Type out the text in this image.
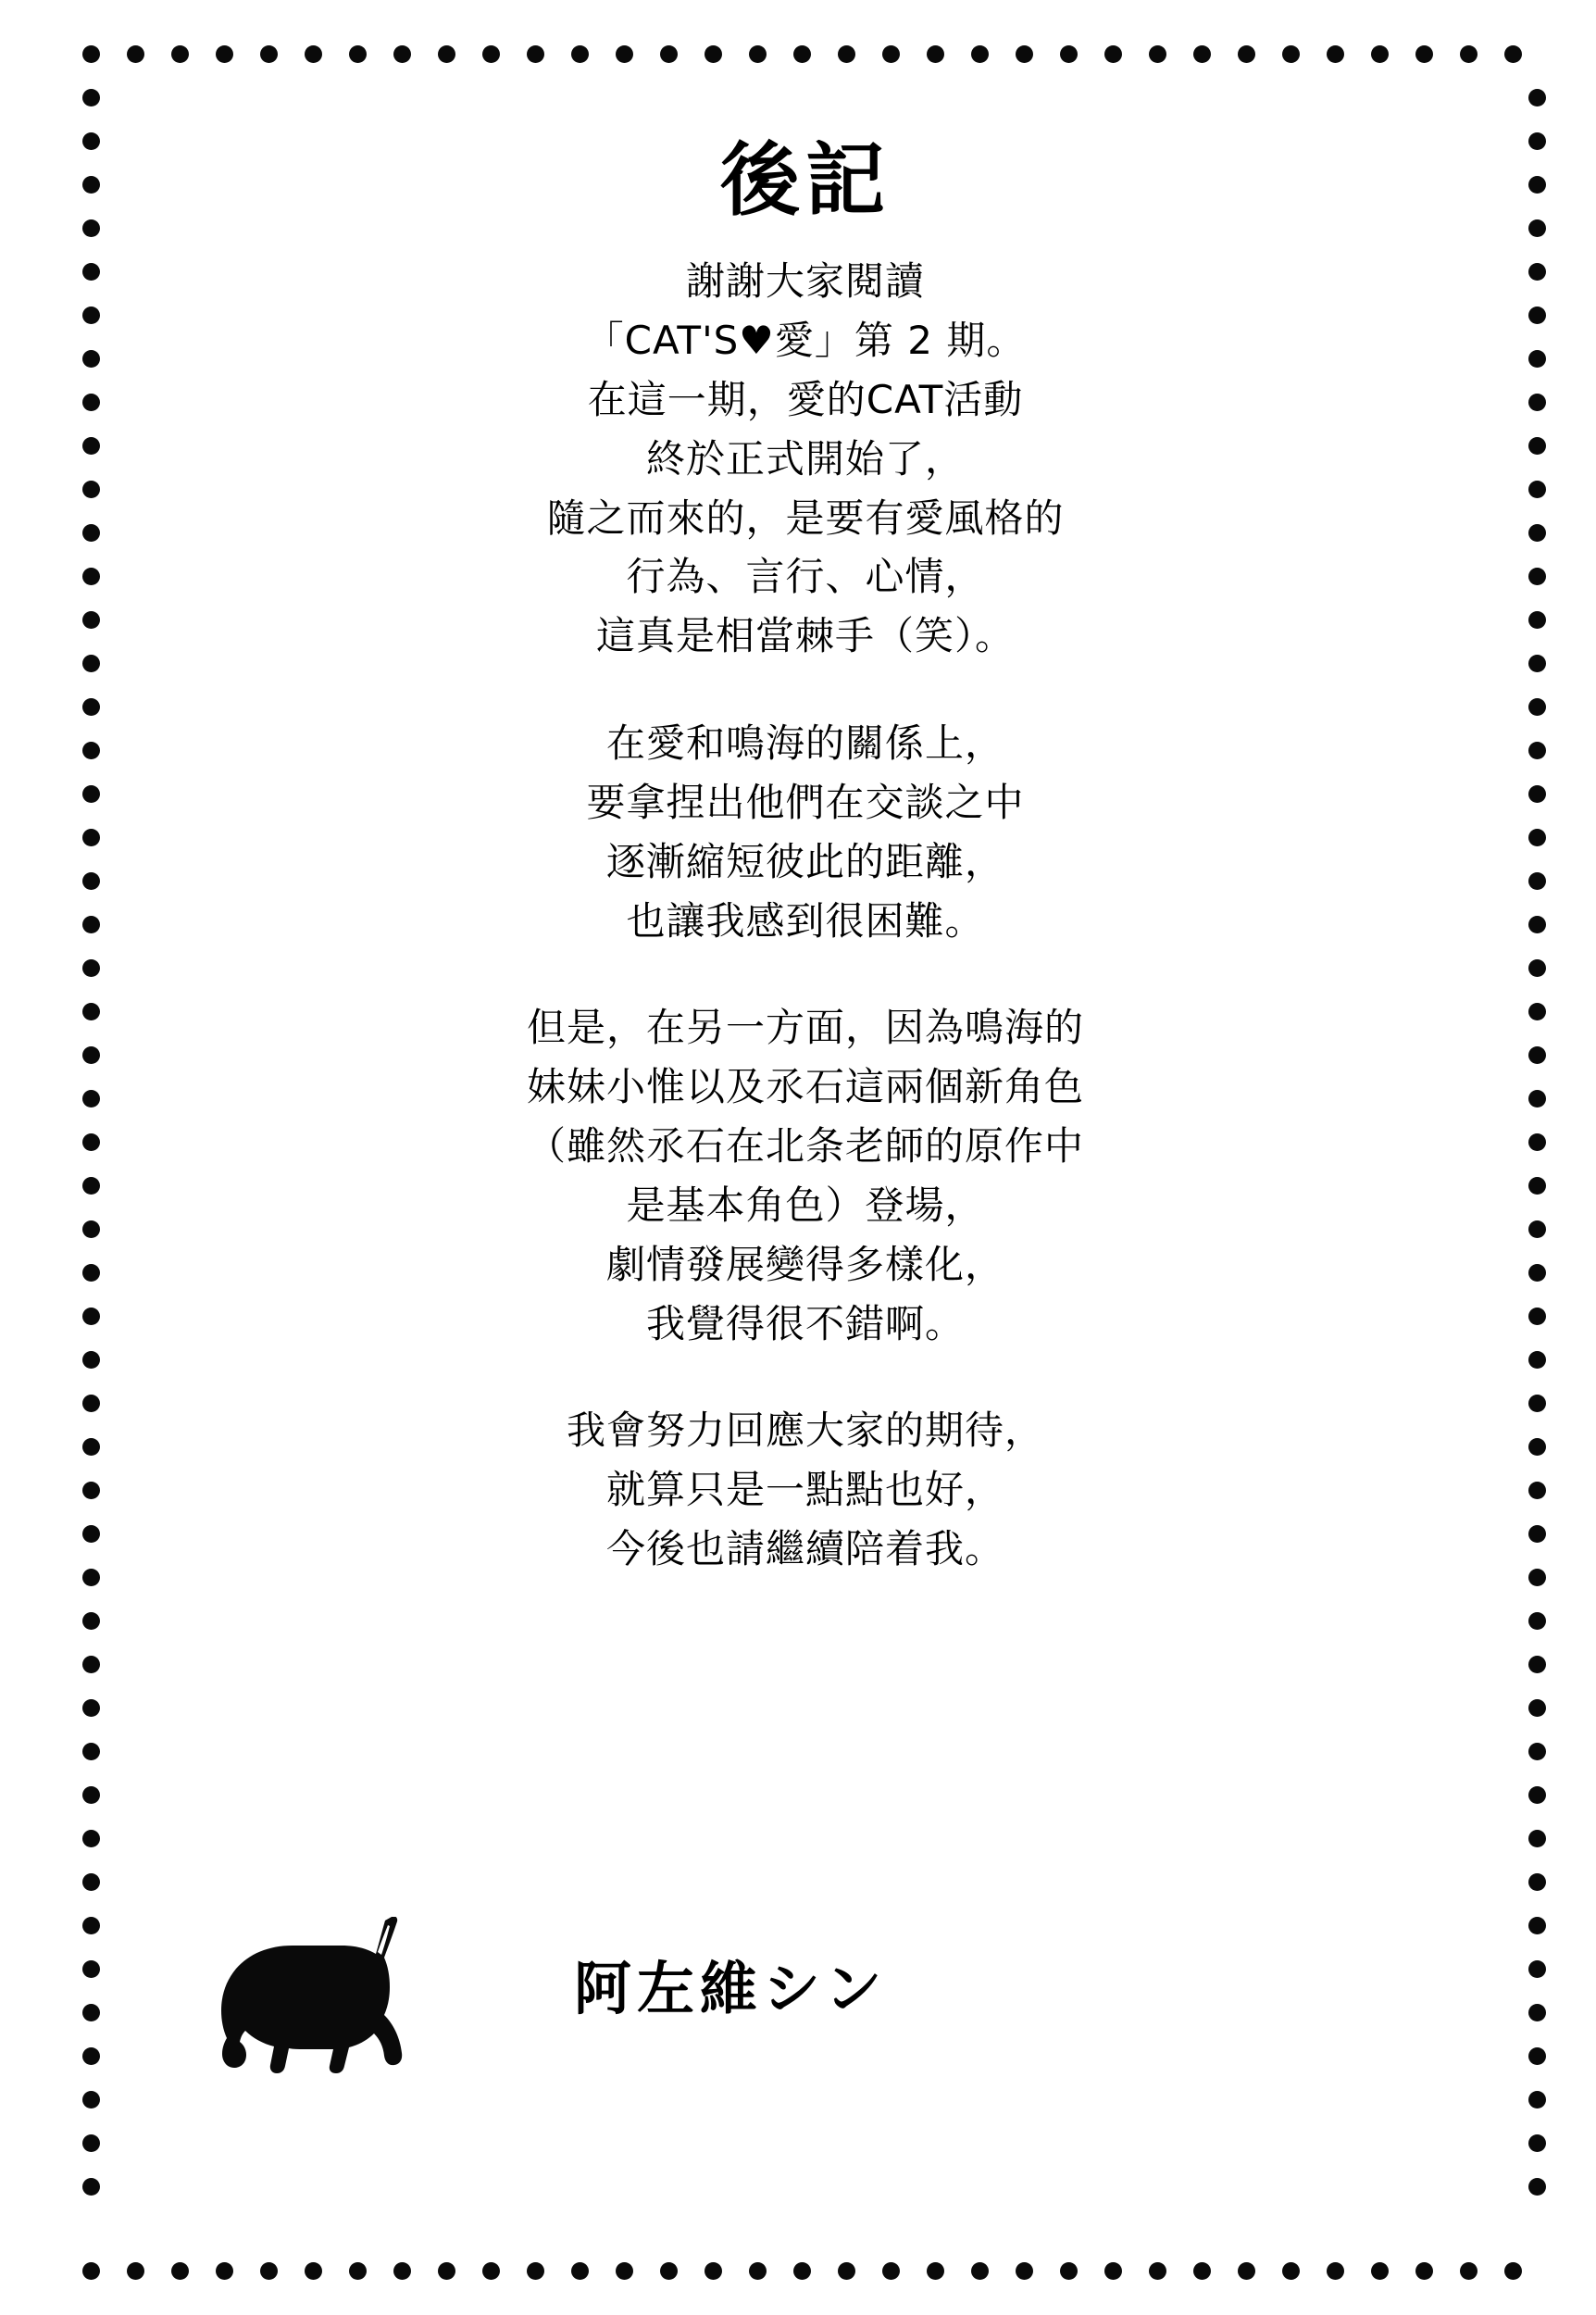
後記

謝謝大家閱讀
「CAT'S♥愛」第 2 期。
在這一期，愛的CAT活動
終於正式開始了，
隨之而來的，是要有愛風格的
行為、言行、心情，
這真是相當棘手（笑）。

在愛和鳴海的關係上，
要拿捏出他們在交談之中
逐漸縮短彼此的距離，
也讓我感到很困難。

但是，在另一方面，因為鳴海的
妹妹小惟以及氶石這兩個新角色
（雖然氶石在北条老師的原作中
是基本角色）登場，
劇情發展變得多樣化，
我覺得很不錯啊。

我會努力回應大家的期待，
就算只是一點點也好，
今後也請繼續陪着我。

阿左維シン
